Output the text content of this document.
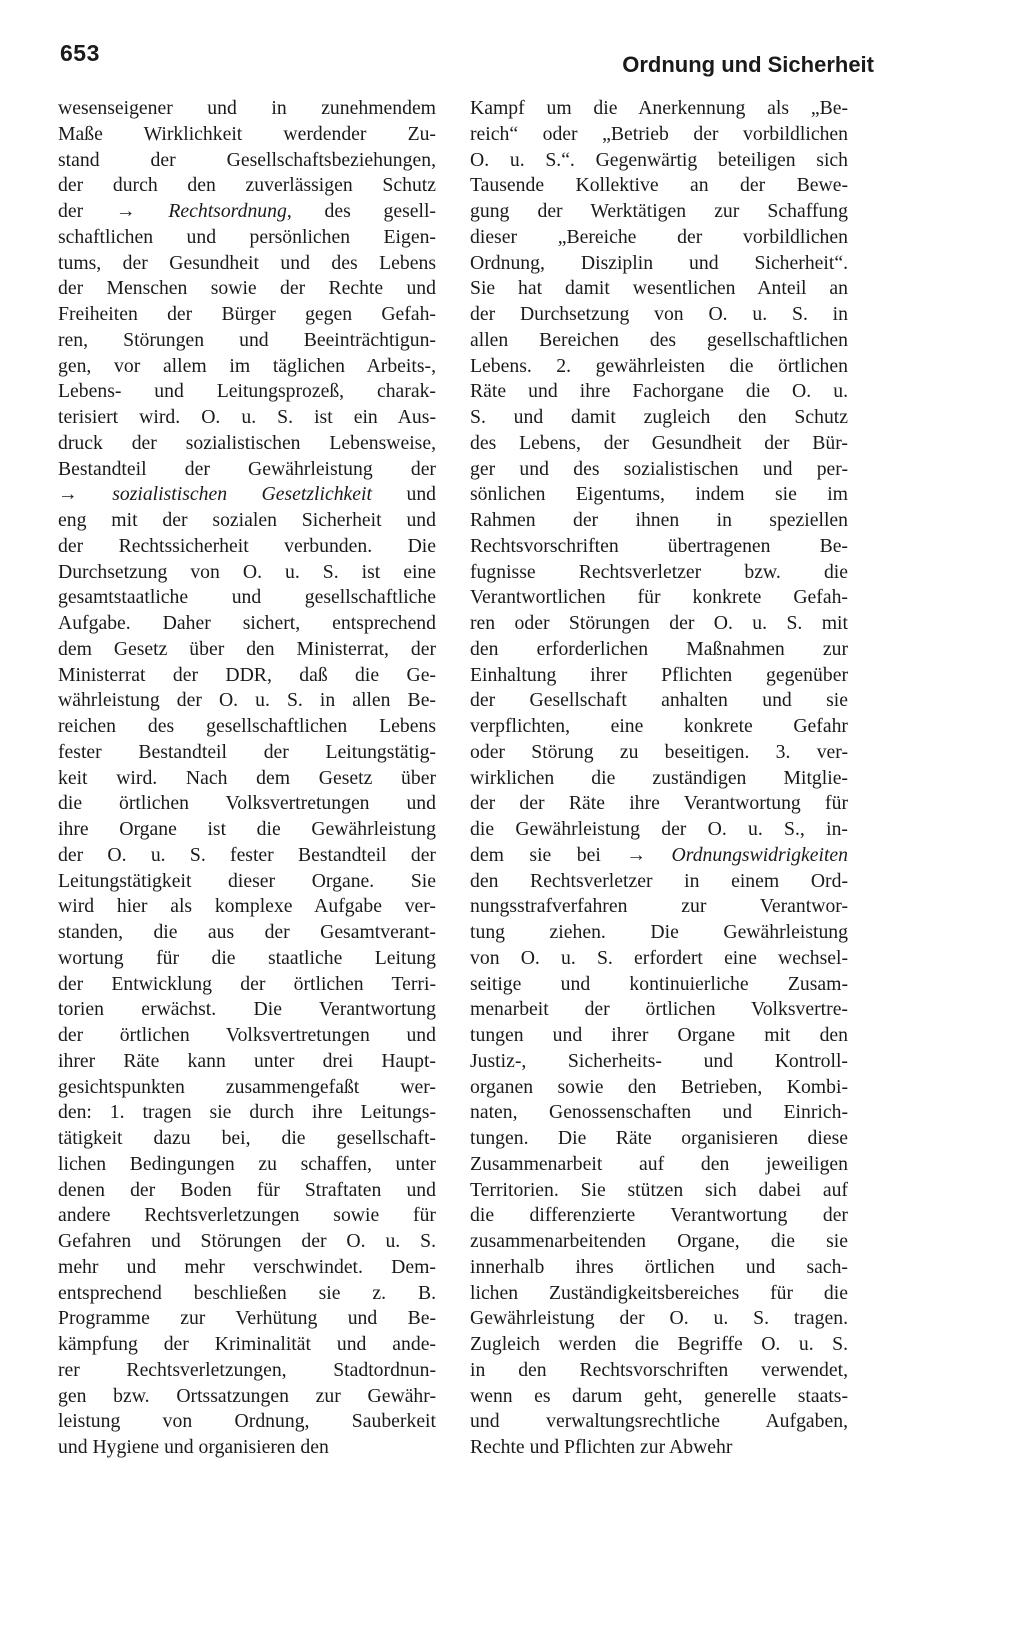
653	Ordnung und Sicherheit
wesenseigener und in zunehmendem
Maße Wirklichkeit werdender Zu-
stand der Gesellschaftsbeziehungen,
der durch den zuverlässigen Schutz
der → Rechtsordnung, des gesell-
schaftlichen und persönlichen Eigen-
tums, der Gesundheit und des Lebens
der Menschen sowie der Rechte und
Freiheiten der Bürger gegen Gefah-
ren, Störungen und Beeinträchtigun-
gen, vor allem im täglichen Arbeits-,
Lebens- und Leitungsprozeß, charak-
terisiert wird. O. u. S. ist ein Aus-
druck der sozialistischen Lebensweise,
Bestandteil der Gewährleistung der
→ sozialistischen Gesetzlichkeit und
eng mit der sozialen Sicherheit und
der Rechtssicherheit verbunden. Die
Durchsetzung von O. u. S. ist eine
gesamtstaatliche und gesellschaftliche
Aufgabe. Daher sichert, entsprechend
dem Gesetz über den Ministerrat, der
Ministerrat der DDR, daß die Ge-
währleistung der O. u. S. in allen Be-
reichen des gesellschaftlichen Lebens
fester Bestandteil der Leitungstätig-
keit wird. Nach dem Gesetz über
die örtlichen Volksvertretungen und
ihre Organe ist die Gewährleistung
der O. u. S. fester Bestandteil der
Leitungstätigkeit dieser Organe. Sie
wird hier als komplexe Aufgabe ver-
standen, die aus der Gesamtverant-
wortung für die staatliche Leitung
der Entwicklung der örtlichen Terri-
torien erwächst. Die Verantwortung
der örtlichen Volksvertretungen und
ihrer Räte kann unter drei Haupt-
gesichtspunkten zusammengefaßt wer-
den: 1. tragen sie durch ihre Leitungs-
tätigkeit dazu bei, die gesellschaft-
lichen Bedingungen zu schaffen, unter
denen der Boden für Straftaten und
andere Rechtsverletzungen sowie für
Gefahren und Störungen der O. u. S.
mehr und mehr verschwindet. Dem-
entsprechend beschließen sie z. B.
Programme zur Verhütung und Be-
kämpfung der Kriminalität und ande-
rer Rechtsverletzungen, Stadtordnun-
gen bzw. Ortssatzungen zur Gewähr-
leistung von Ordnung, Sauberkeit
und Hygiene und organisieren den
Kampf um die Anerkennung als „Be-
reich“ oder „Betrieb der vorbildlichen
O. u. S.“. Gegenwärtig beteiligen sich
Tausende Kollektive an der Bewe-
gung der Werktätigen zur Schaffung
dieser „Bereiche der vorbildlichen
Ordnung, Disziplin und Sicherheit“.
Sie hat damit wesentlichen Anteil an
der Durchsetzung von O. u. S. in
allen Bereichen des gesellschaftlichen
Lebens. 2. gewährleisten die örtlichen
Räte und ihre Fachorgane die O. u.
S. und damit zugleich den Schutz
des Lebens, der Gesundheit der Bür-
ger und des sozialistischen und per-
sönlichen Eigentums, indem sie im
Rahmen der ihnen in speziellen
Rechtsvorschriften übertragenen Be-
fugnisse Rechtsverletzer bzw. die
Verantwortlichen für konkrete Gefah-
ren oder Störungen der O. u. S. mit
den erforderlichen Maßnahmen zur
Einhaltung ihrer Pflichten gegenüber
der Gesellschaft anhalten und sie
verpflichten, eine konkrete Gefahr
oder Störung zu beseitigen. 3. ver-
wirklichen die zuständigen Mitglie-
der der Räte ihre Verantwortung für
die Gewährleistung der O. u. S., in-
dem sie bei → Ordnungswidrigkeiten
den Rechtsverletzer in einem Ord-
nungsstrafverfahren zur Verantwor-
tung ziehen. Die Gewährleistung
von O. u. S. erfordert eine wechsel-
seitige und kontinuierliche Zusam-
menarbeit der örtlichen Volksvertre-
tungen und ihrer Organe mit den
Justiz-, Sicherheits- und Kontroll-
organen sowie den Betrieben, Kombi-
naten, Genossenschaften und Einrich-
tungen. Die Räte organisieren diese
Zusammenarbeit auf den jeweiligen
Territorien. Sie stützen sich dabei auf
die differenzierte Verantwortung der
zusammenarbeitenden Organe, die sie
innerhalb ihres örtlichen und sach-
lichen Zuständigkeitsbereiches für die
Gewährleistung der O. u. S. tragen.
Zugleich werden die Begriffe O. u. S.
in den Rechtsvorschriften verwendet,
wenn es darum geht, generelle staats-
und verwaltungsrechtliche Aufgaben,
Rechte und Pflichten zur Abwehr
